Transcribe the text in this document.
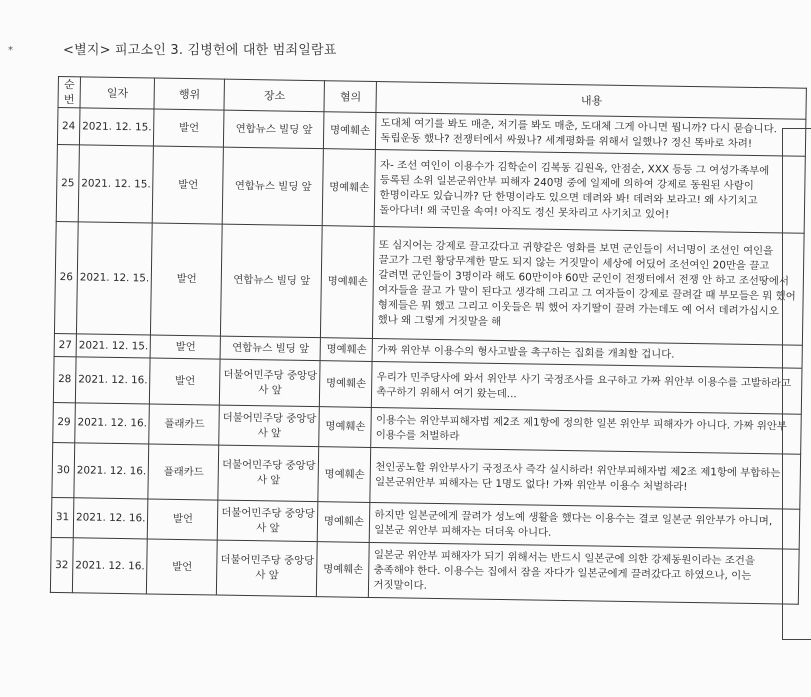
*	<별지> 피고소인 3. 김병헌에 대한 범죄일람표
순번	일자	행위	장소	혐의	내용
24	2021. 12. 15.	발언	연합뉴스 빌딩 앞	명예훼손	도대체 여기를 봐도 매춘, 저기를 봐도 매춘, 도대체 그게 아니면 뭡니까? 다시 묻습니다. 독립운동 했나? 전쟁터에서 싸웠나? 세계평화를 위해서 일했나? 정신 똑바로 차려!
25	2021. 12. 15.	발언	연합뉴스 빌딩 앞	명예훼손	자- 조선 여인이 이용수가 김학순이 김복동 김원옥, 안점순, XXX 등등 그 여성가족부에 등록된 소위 일본군위안부 피해자 240명 중에 일제에 의하여 강제로 동원된 사람이 한명이라도 있습니까? 단 한명이라도 있으면 데려와 봐! 데려와 보라고! 왜 사기치고 돌아다녀! 왜 국민을 속여! 아직도 정신 못차리고 사기치고 있어!
26	2021. 12. 15.	발언	연합뉴스 빌딩 앞	명예훼손	또 심지어는 강제로 끌고갔다고 귀향같은 영화를 보면 군인들이 서너명이 조선인 여인을 끌고가 그런 황당무계한 말도 되지 않는 거짓말이 세상에 어딨어 조선여인 20만을 끌고 갈려면 군인들이 3명이라 해도 60만이야 60만 군인이 전쟁터에서 전쟁 안 하고 조선땅에서 여자들을 끌고 가 말이 된다고 생각해 그리고 그 여자들이 강제로 끌려갈 때 부모들은 뭐 했어 형제들은 뭐 했고 그리고 이웃들은 뭐 했어 자기딸이 끌려 가는데도 예 어서 데려가십시오 했나 왜 그렇게 거짓말을 해
27	2021. 12. 15.	발언	연합뉴스 빌딩 앞	명예훼손	가짜 위안부 이용수의 형사고발을 촉구하는 집회를 개최할 겁니다.
28	2021. 12. 16.	발언	더불어민주당 중앙당사 앞	명예훼손	우리가 민주당사에 와서 위안부 사기 국정조사를 요구하고 가짜 위안부 이용수를 고발하라고 촉구하기 위해서 여기 왔는데...
29	2021. 12. 16.	플래카드	더불어민주당 중앙당사 앞	명예훼손	이용수는 위안부피해자법 제2조 제1항에 정의한 일본 위안부 피해자가 아니다. 가짜 위안부 이용수를 처벌하라
30	2021. 12. 16.	플래카드	더불어민주당 중앙당사 앞	명예훼손	천인공노할 위안부사기 국정조사 즉각 실시하라! 위안부피해자법 제2조 제1항에 부합하는 일본군위안부 피해자는 단 1명도 없다! 가짜 위안부 이용수 처벌하라!
31	2021. 12. 16.	발언	더불어민주당 중앙당사 앞	명예훼손	하지만 일본군에게 끌려가 성노예 생활을 했다는 이용수는 결코 일본군 위안부가 아니며, 일본군 위안부 피해자는 더더욱 아니다.
32	2021. 12. 16.	발언	더불어민주당 중앙당사 앞	명예훼손	일본군 위안부 피해자가 되기 위해서는 반드시 일본군에 의한 강제동원이라는 조건을 충족해야 한다. 이용수는 집에서 잠을 자다가 일본군에게 끌려갔다고 하였으나, 이는 거짓말이다.
